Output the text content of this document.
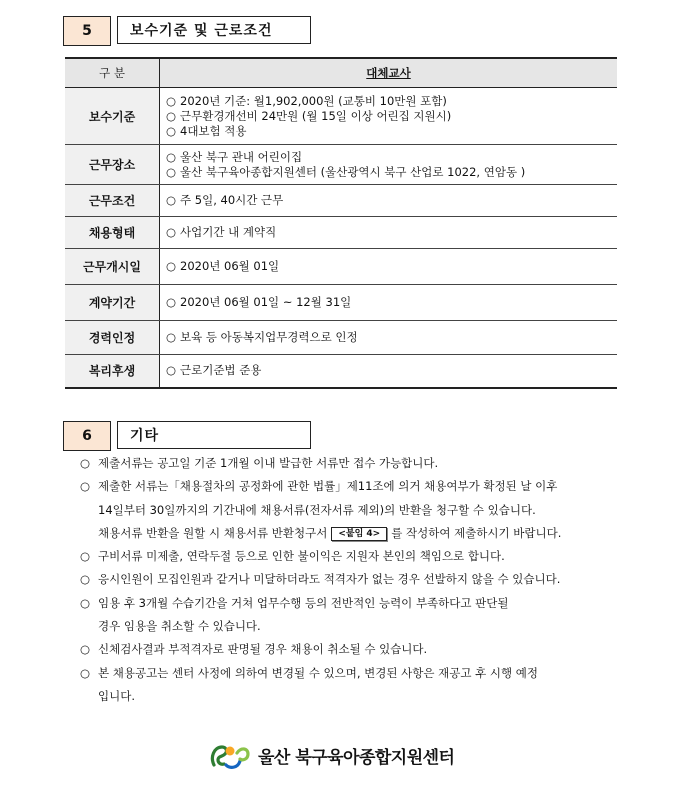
5	보수기준 및 근로조건
구 분	대체교사
보수기준	○ 2020년 기준: 월1,902,000원 (교통비 10만원 포함)
○ 근무환경개선비 24만원 (월 15일 이상 어린집 지원시)
○ 4대보험 적용

근무장소	○ 울산 북구 관내 어린이집
○ 울산 북구육아종합지원센터 (울산광역시 북구 산업로 1022, 연암동 )

근무조건	○ 주 5일, 40시간 근무

채용형태	○ 사업기간 내 계약직

근무개시일	○ 2020년 06월 01일

계약기간	○ 2020년 06월 01일 ~ 12월 31일

경력인정	○ 보육 등 아동복지업무경력으로 인정

복리후생	○ 근로기준법 준용
6	기타
○ 제출서류는 공고일 기준 1개월 이내 발급한 서류만 접수 가능합니다.
○ 제출한 서류는「채용절차의 공정화에 관한 법률」제11조에 의거 채용여부가 확정된 날 이후
14일부터 30일까지의 기간내에 채용서류(전자서류 제외)의 반환을 청구할 수 있습니다.
채용서류 반환을 원할 시 채용서류 반환청구서 <붙임 4> 를 작성하여 제출하시기 바랍니다.
○ 구비서류 미제출, 연락두절 등으로 인한 불이익은 지원자 본인의 책임으로 합니다.
○ 응시인원이 모집인원과 같거나 미달하더라도 적격자가 없는 경우 선발하지 않을 수 있습니다.
○ 임용 후 3개월 수습기간을 거쳐 업무수행 등의 전반적인 능력이 부족하다고 판단될
경우 임용을 취소할 수 있습니다.
○ 신체검사결과 부적격자로 판명될 경우 채용이 취소될 수 있습니다.
○ 본 채용공고는 센터 사정에 의하여 변경될 수 있으며, 변경된 사항은 재공고 후 시행 예정
입니다.
울산 북구육아종합지원센터
